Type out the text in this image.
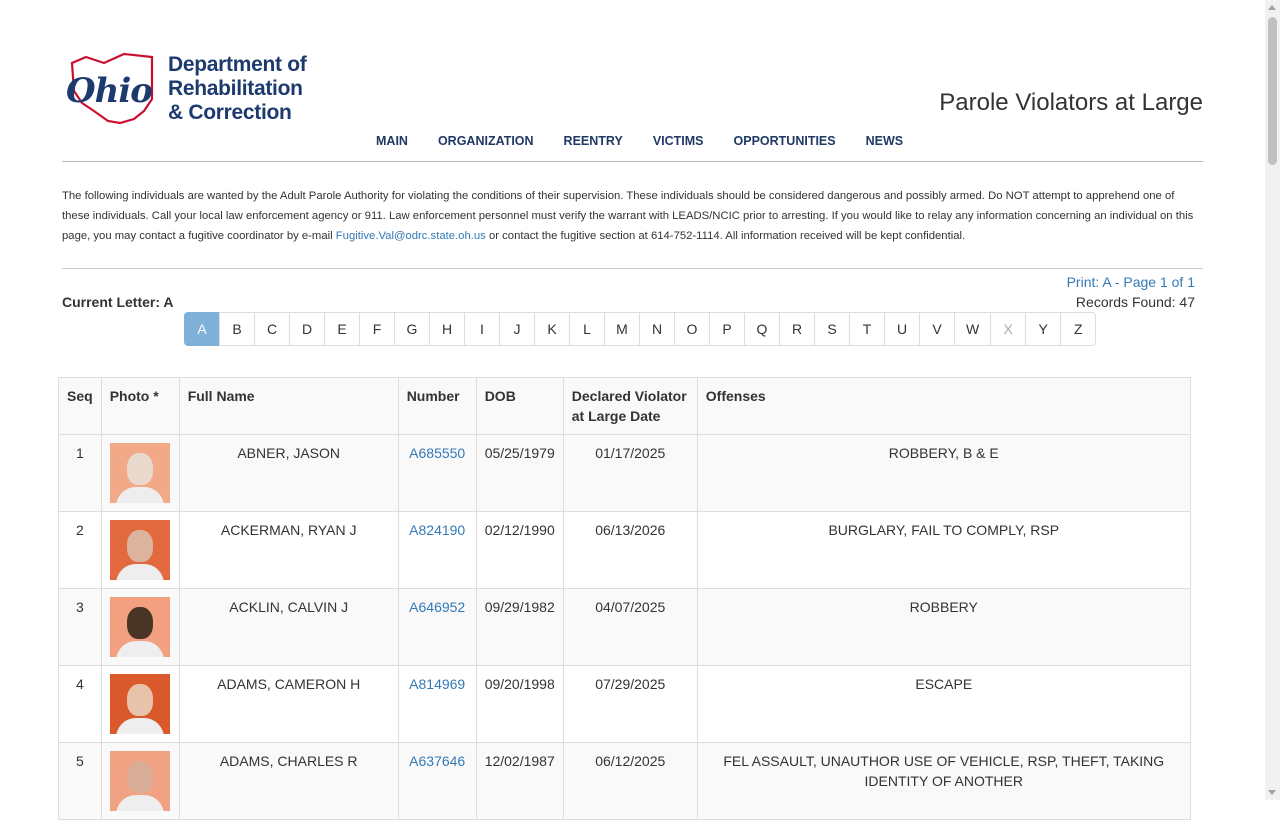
Ohio
Department of
Rehabilitation
& Correction	Parole Violators at Large
MAIN ORGANIZATION REENTRY VICTIMS OPPORTUNITIES NEWS

The following individuals are wanted by the Adult Parole Authority for violating the conditions of their supervision. These individuals should be considered dangerous and possibly armed. Do NOT attempt to apprehend one of these individuals. Call your local law enforcement agency or 911. Law enforcement personnel must verify the warrant with LEADS/NCIC prior to arresting. If you would like to relay any information concerning an individual on this page, you may contact a fugitive coordinator by e-mail Fugitive.Val@odrc.state.oh.us or contact the fugitive section at 614-752-1114. All information received will be kept confidential.

Current Letter: A
Print: A - Page 1 of 1
Records Found: 47
A	B	C	D	E	F	G	H	I	J	K	L	M	N	O	P	Q	R	S	T	U	V	W	X	Y	Z
Seq	Photo *	Full Name	Number	DOB	Declared Violator at Large Date	Offenses
1		ABNER, JASON	A685550	05/25/1979	01/17/2025	ROBBERY, B & E
2		ACKERMAN, RYAN J	A824190	02/12/1990	06/13/2026	BURGLARY, FAIL TO COMPLY, RSP
3		ACKLIN, CALVIN J	A646952	09/29/1982	04/07/2025	ROBBERY
4		ADAMS, CAMERON H	A814969	09/20/1998	07/29/2025	ESCAPE
5		ADAMS, CHARLES R	A637646	12/02/1987	06/12/2025	FEL ASSAULT, UNAUTHOR USE OF VEHICLE, RSP, THEFT, TAKING IDENTITY OF ANOTHER
